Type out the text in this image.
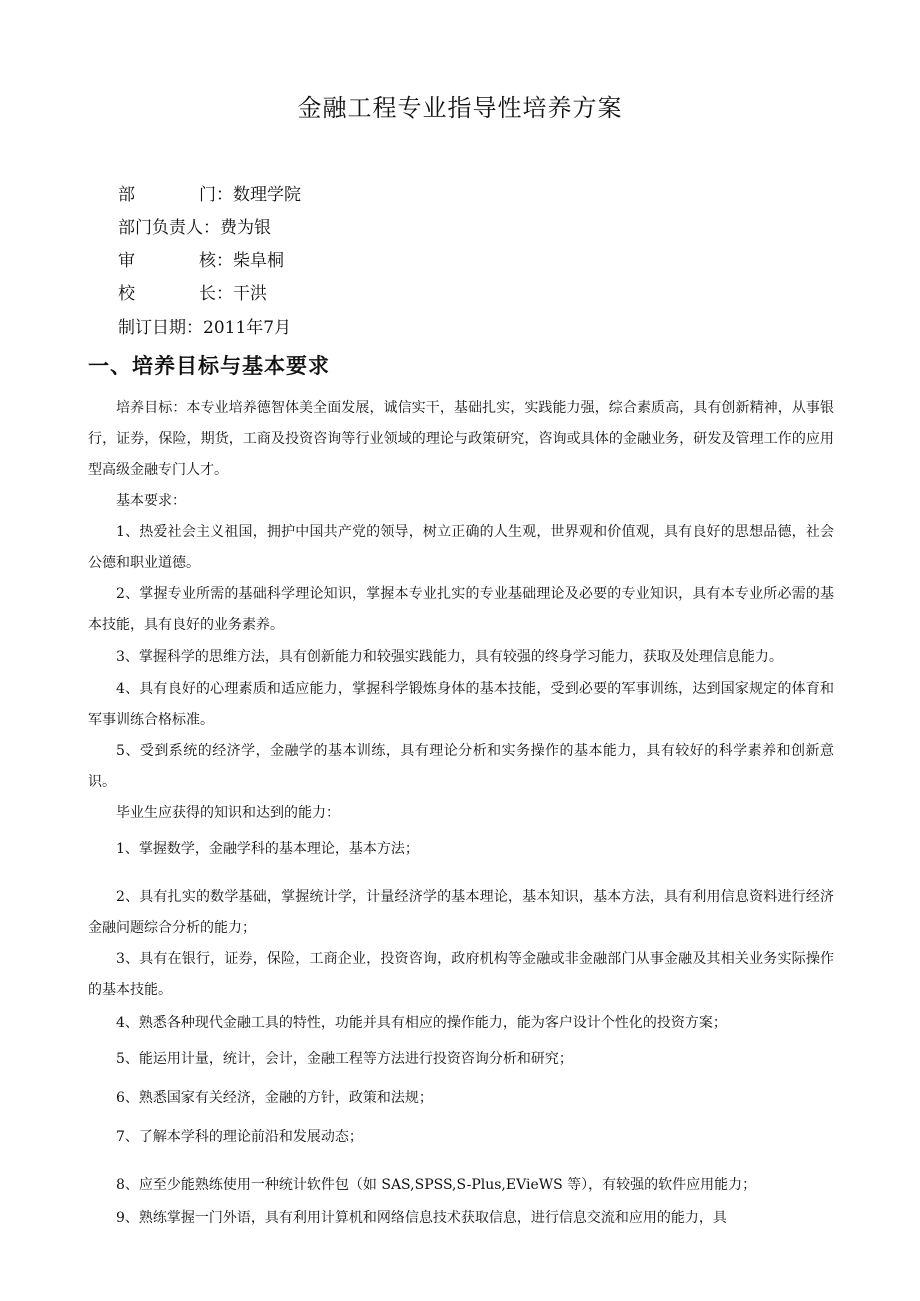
金融工程专业指导性培养方案
部	门 ：数理学院
部门负责人：费为银
审	核 ：柴阜桐
校	长 ：干洪
制订日期：2011年7月
一、培养目标与基本要求
培养目标：本专业培养德智体美全面发展，诚信实干，基础扎实，实践能力强，综合素质高，具有创新精神，从事银行，证券，保险，期货，工商及投资咨询等行业领域的理论与政策研究，咨询或具体的金融业务，研发及管理工作的应用型高级金融专门人才。
基本要求：
1、热爱社会主义祖国，拥护中国共产党的领导，树立正确的人生观，世界观和价值观，具有良好的思想品德，社会公德和职业道德。
2、掌握专业所需的基础科学理论知识，掌握本专业扎实的专业基础理论及必要的专业知识，具有本专业所必需的基本技能，具有良好的业务素养。
3、掌握科学的思维方法，具有创新能力和较强实践能力，具有较强的终身学习能力，获取及处理信息能力。
4、具有良好的心理素质和适应能力，掌握科学锻炼身体的基本技能，受到必要的军事训练，达到国家规定的体育和军事训练合格标准。
5、受到系统的经济学，金融学的基本训练，具有理论分析和实务操作的基本能力，具有较好的科学素养和创新意识。
毕业生应获得的知识和达到的能力：
1、掌握数学，金融学科的基本理论，基本方法；
2、具有扎实的数学基础，掌握统计学，计量经济学的基本理论，基本知识，基本方法，具有利用信息资料进行经济金融问题综合分析的能力；
3、具有在银行，证券，保险，工商企业，投资咨询，政府机构等金融或非金融部门从事金融及其相关业务实际操作的基本技能。
4、熟悉各种现代金融工具的特性，功能并具有相应的操作能力，能为客户设计个性化的投资方案；
5、能运用计量，统计，会计，金融工程等方法进行投资咨询分析和研究；
6、熟悉国家有关经济，金融的方针，政策和法规；
7、了解本学科的理论前沿和发展动态；
8、应至少能熟练使用一种统计软件包（如 SAS,SPSS,S-Plus,EVieWS 等），有较强的软件应用能力；
9、熟练掌握一门外语，具有利用计算机和网络信息技术获取信息，进行信息交流和应用的能力，具
